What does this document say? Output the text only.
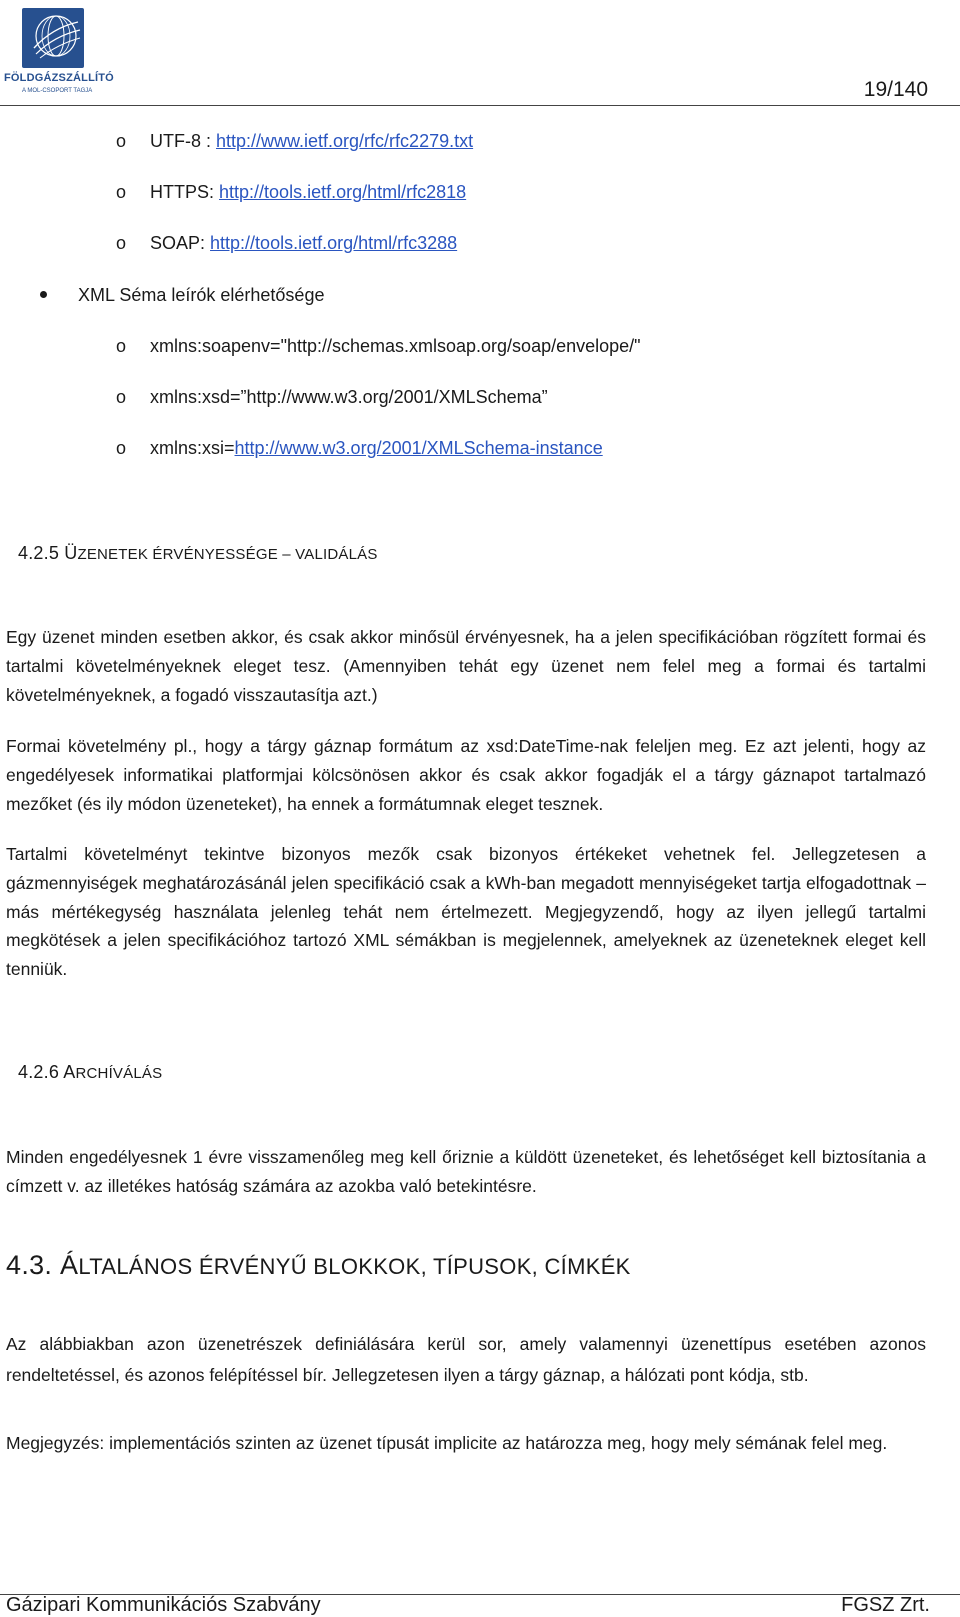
FÖLDGÁZSZÁLLÍTÓ
A MOL-CSOPORT TAGJA	19/140
o UTF-8 : http://www.ietf.org/rfc/rfc2279.txt
o HTTPS: http://tools.ietf.org/html/rfc2818
o SOAP: http://tools.ietf.org/html/rfc3288
XML Séma leírók elérhetősége
o xmlns:soapenv="http://schemas.xmlsoap.org/soap/envelope/"
o xmlns:xsd=”http://www.w3.org/2001/XMLSchema”
o xmlns:xsi=http://www.w3.org/2001/XMLSchema-instance
4.2.5 ÜZENETEK ÉRVÉNYESSÉGE – VALIDÁLÁS
Egy üzenet minden esetben akkor, és csak akkor minősül érvényesnek, ha a jelen specifikációban rögzített formai és tartalmi követelményeknek eleget tesz. (Amennyiben tehát egy üzenet nem felel meg a formai és tartalmi követelményeknek, a fogadó visszautasítja azt.)
Formai követelmény pl., hogy a tárgy gáznap formátum az xsd:DateTime-nak feleljen meg. Ez azt jelenti, hogy az engedélyesek informatikai platformjai kölcsönösen akkor és csak akkor fogadják el a tárgy gáznapot tartalmazó mezőket (és ily módon üzeneteket), ha ennek a formátumnak eleget tesznek.
Tartalmi követelményt tekintve bizonyos mezők csak bizonyos értékeket vehetnek fel. Jellegzetesen a gázmennyiségek meghatározásánál jelen specifikáció csak a kWh-ban megadott mennyiségeket tartja elfogadottnak – más mértékegység használata jelenleg tehát nem értelmezett. Megjegyzendő, hogy az ilyen jellegű tartalmi megkötések a jelen specifikációhoz tartozó XML sémákban is megjelennek, amelyeknek az üzeneteknek eleget kell tenniük.
4.2.6 ARCHÍVÁLÁS
Minden engedélyesnek 1 évre visszamenőleg meg kell őriznie a küldött üzeneteket, és lehetőséget kell biztosítania a címzett v. az illetékes hatóság számára az azokba való betekintésre.
4.3. ÁLTALÁNOS ÉRVÉNYŰ BLOKKOK, TÍPUSOK, CÍMKÉK
Az alábbiakban azon üzenetrészek definiálására kerül sor, amely valamennyi üzenettípus esetében azonos rendeltetéssel, és azonos felépítéssel bír. Jellegzetesen ilyen a tárgy gáznap, a hálózati pont kódja, stb.
Megjegyzés: implementációs szinten az üzenet típusát implicite az határozza meg, hogy mely sémának felel meg.
Gázipari Kommunikációs Szabvány	FGSZ Zrt.
